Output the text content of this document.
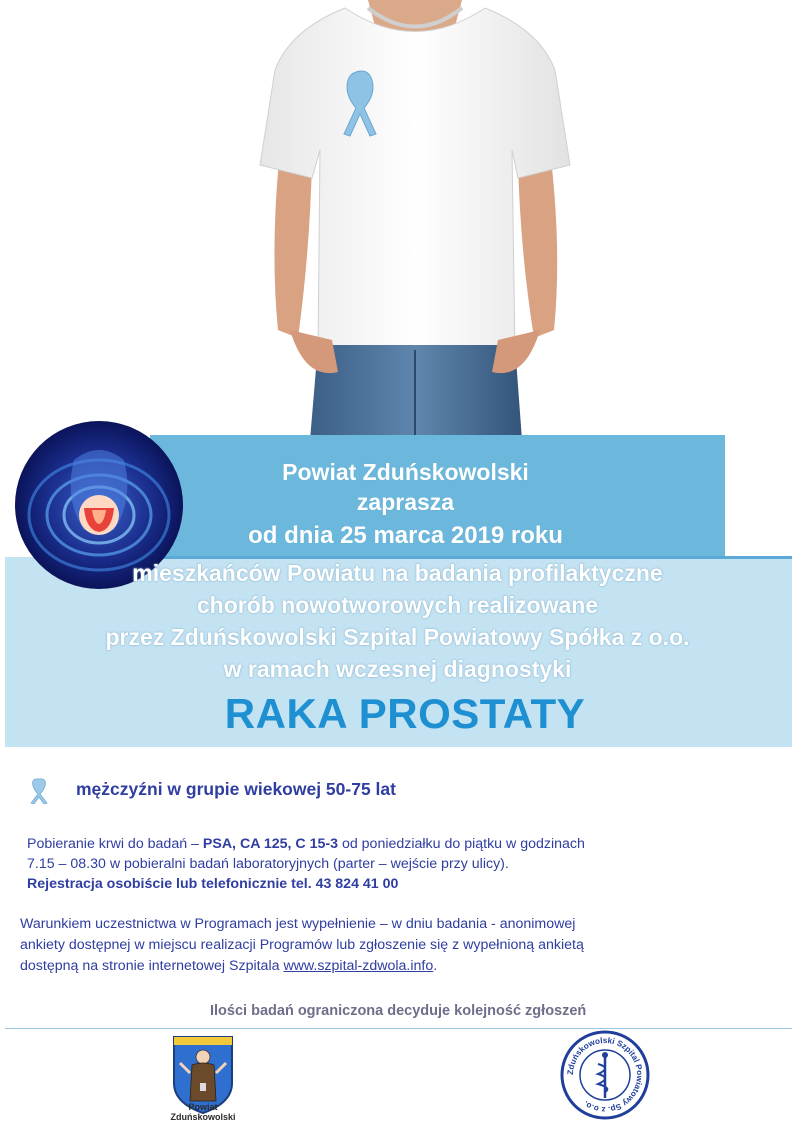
Powiat Zduńskowolski
zaprasza
od dnia 25 marca 2019 roku
mieszkańców Powiatu na badania profilaktyczne
chorób nowotworowych realizowane
przez Zduńskowolski Szpital Powiatowy Spółka z o.o.
w ramach wczesnej diagnostyki
RAKA PROSTATY
mężczyźni w grupie wiekowej 50-75 lat
Pobieranie krwi do badań – PSA, CA 125, C 15-3 od poniedziałku do piątku w godzinach
7.15 – 08.30 w pobieralni badań laboratoryjnych (parter – wejście przy ulicy).
Rejestracja osobiście lub telefonicznie tel. 43 824 41 00
Warunkiem uczestnictwa w Programach jest wypełnienie – w dniu badania - anonimowej
ankiety dostępnej w miejscu realizacji Programów lub zgłoszenie się z wypełnioną ankietą
dostępną na stronie internetowej Szpitala www.szpital-zdwola.info.
Ilości badań ograniczona decyduje kolejność zgłoszeń
Powiat
Zduńskowolski
Zduńskowolski Szpital Powiatowy Sp. z o.o.
